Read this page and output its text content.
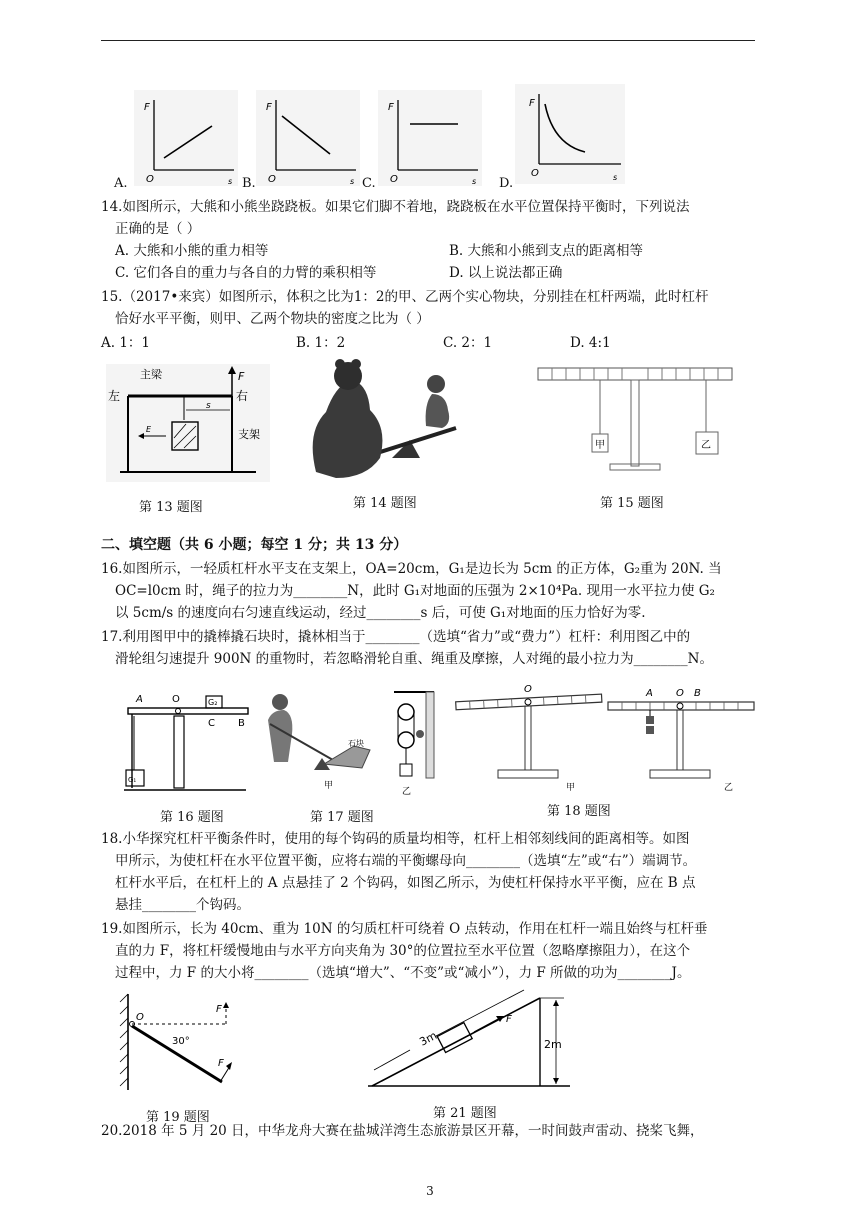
F
O	s
F
O	s
F
O	s
F
O	s
A.	B.	C.	D.
14.如图所示，大熊和小熊坐跷跷板。如果它们脚不着地，跷跷板在水平位置保持平衡时，下列说法
正确的是（ ）
A. 大熊和小熊的重力相等	B. 大熊和小熊到支点的距离相等
C. 它们各自的重力与各自的力臂的乘积相等	D. 以上说法都正确
15.（2017•来宾）如图所示，体积之比为1：2的甲、乙两个实心物块，分别挂在杠杆两端，此时杠杆
恰好水平平衡，则甲、乙两个物块的密度之比为（ ）
A. 1：1	B. 1：2	C. 2：1	D. 4:1
左	右
主梁	F
s
支架
E
第 13 题图	第 14 题图
甲	乙
第 15 题图
二、填空题（共 6 小题；每空 1 分；共 13 分）
16.如图所示，一轻质杠杆水平支在支架上，OA=20cm，G₁是边长为 5cm 的正方体，G₂重为 20N. 当
OC=l0cm 时，绳子的拉力为________N，此时 G₁对地面的压强为 2×10⁴Pa. 现用一水平拉力使 G₂
以 5cm/s 的速度向右匀速直线运动，经过________s 后，可使 G₁对地面的压力恰好为零.
17.利用图甲中的撬棒撬石块时，撬林相当于________（选填“省力”或“费力”）杠杆：利用图乙中的
滑轮组匀速提升 900N 的重物时，若忽略滑轮自重、绳重及摩擦，人对绳的最小拉力为________N。
A	O	G₂
B
C
G₁
第 16 题图
石块
甲
乙
第 17 题图
O
甲
A O B
乙
第 18 题图
18.小华探究杠杆平衡条件时，使用的每个钩码的质量均相等，杠杆上相邻刻线间的距离相等。如图
甲所示，为使杠杆在水平位置平衡，应将右端的平衡螺母向________（选填“左”或“右”）端调节。
杠杆水平后，在杠杆上的 A 点悬挂了 2 个钩码，如图乙所示，为使杠杆保持水平平衡，应在 B 点
悬挂________个钩码。
19.如图所示，长为 40cm、重为 10N 的匀质杠杆可绕着 O 点转动，作用在杠杆一端且始终与杠杆垂
直的力 F，将杠杆缓慢地由与水平方向夹角为 30°的位置拉至水平位置（忽略摩擦阻力），在这个
过程中，力 F 的大小将________（选填“增大”、“不变”或“减小”），力 F 所做的功为________J。
O
F
F
30°
第 19 题图
3m	2m
F
第 21 题图
20.2018 年 5 月 20 日，中华龙舟大赛在盐城洋湾生态旅游景区开幕，一时间鼓声雷动、挠桨飞舞，
3
